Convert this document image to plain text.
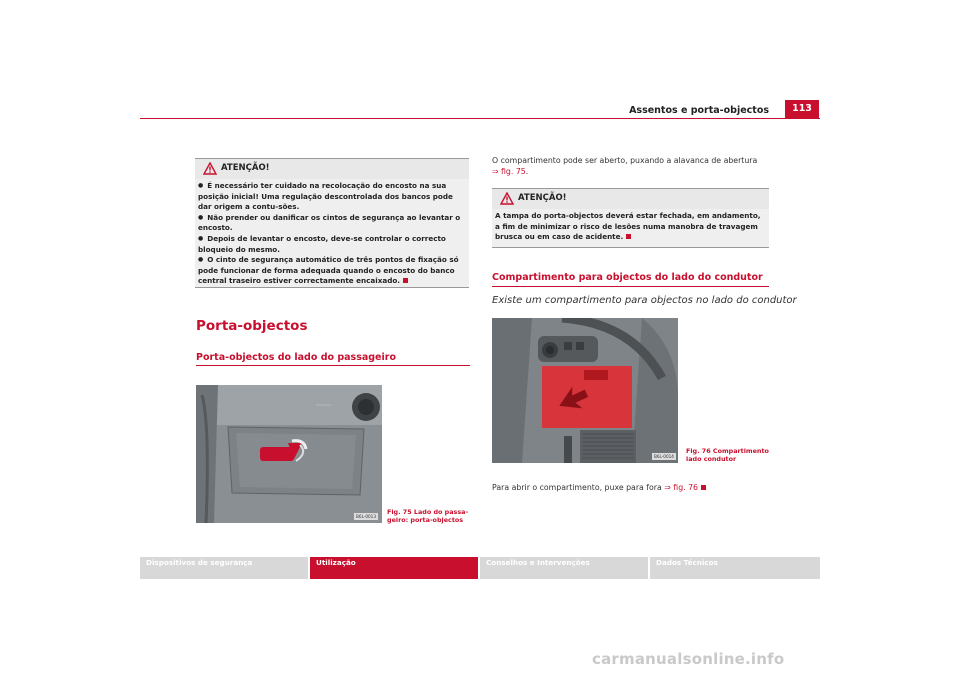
Assentos e porta-objectos	113
ATENÇÃO!

● É necessário ter cuidado na recolocação do encosto na sua posição inicial! Uma regulação descontrolada dos bancos pode dar origem a contu-sões.

● Não prender ou danificar os cintos de segurança ao levantar o encosto.

● Depois de levantar o encosto, deve-se controlar o correcto bloqueio do mesmo.

● O cinto de segurança automático de três pontos de fixação só pode funcionar de forma adequada quando o encosto do banco central traseiro estiver correctamente encaixado.

Porta-objectos
Porta-objectos do lado do passageiro
B6L-0013
Fig. 75 Lado do passa-
geiro: porta-objectos
O compartimento pode ser aberto, puxando a alavanca de abertura
⇒ fig. 75.
ATENÇÃO!
A tampa do porta-objectos deverá estar fechada, em andamento, a fim de minimizar o risco de lesões numa manobra de travagem brusca ou em caso de acidente.
Compartimento para objectos do lado do condutor
Existe um compartimento para objectos no lado do condutor
B6L-0014
Fig. 76 Compartimento
lado condutor
Para abrir o compartimento, puxe para fora ⇒ fig. 76
Dispositivos de segurança	Utilização	Conselhos e Intervenções	Dados Técnicos
carmanualsonline.info
